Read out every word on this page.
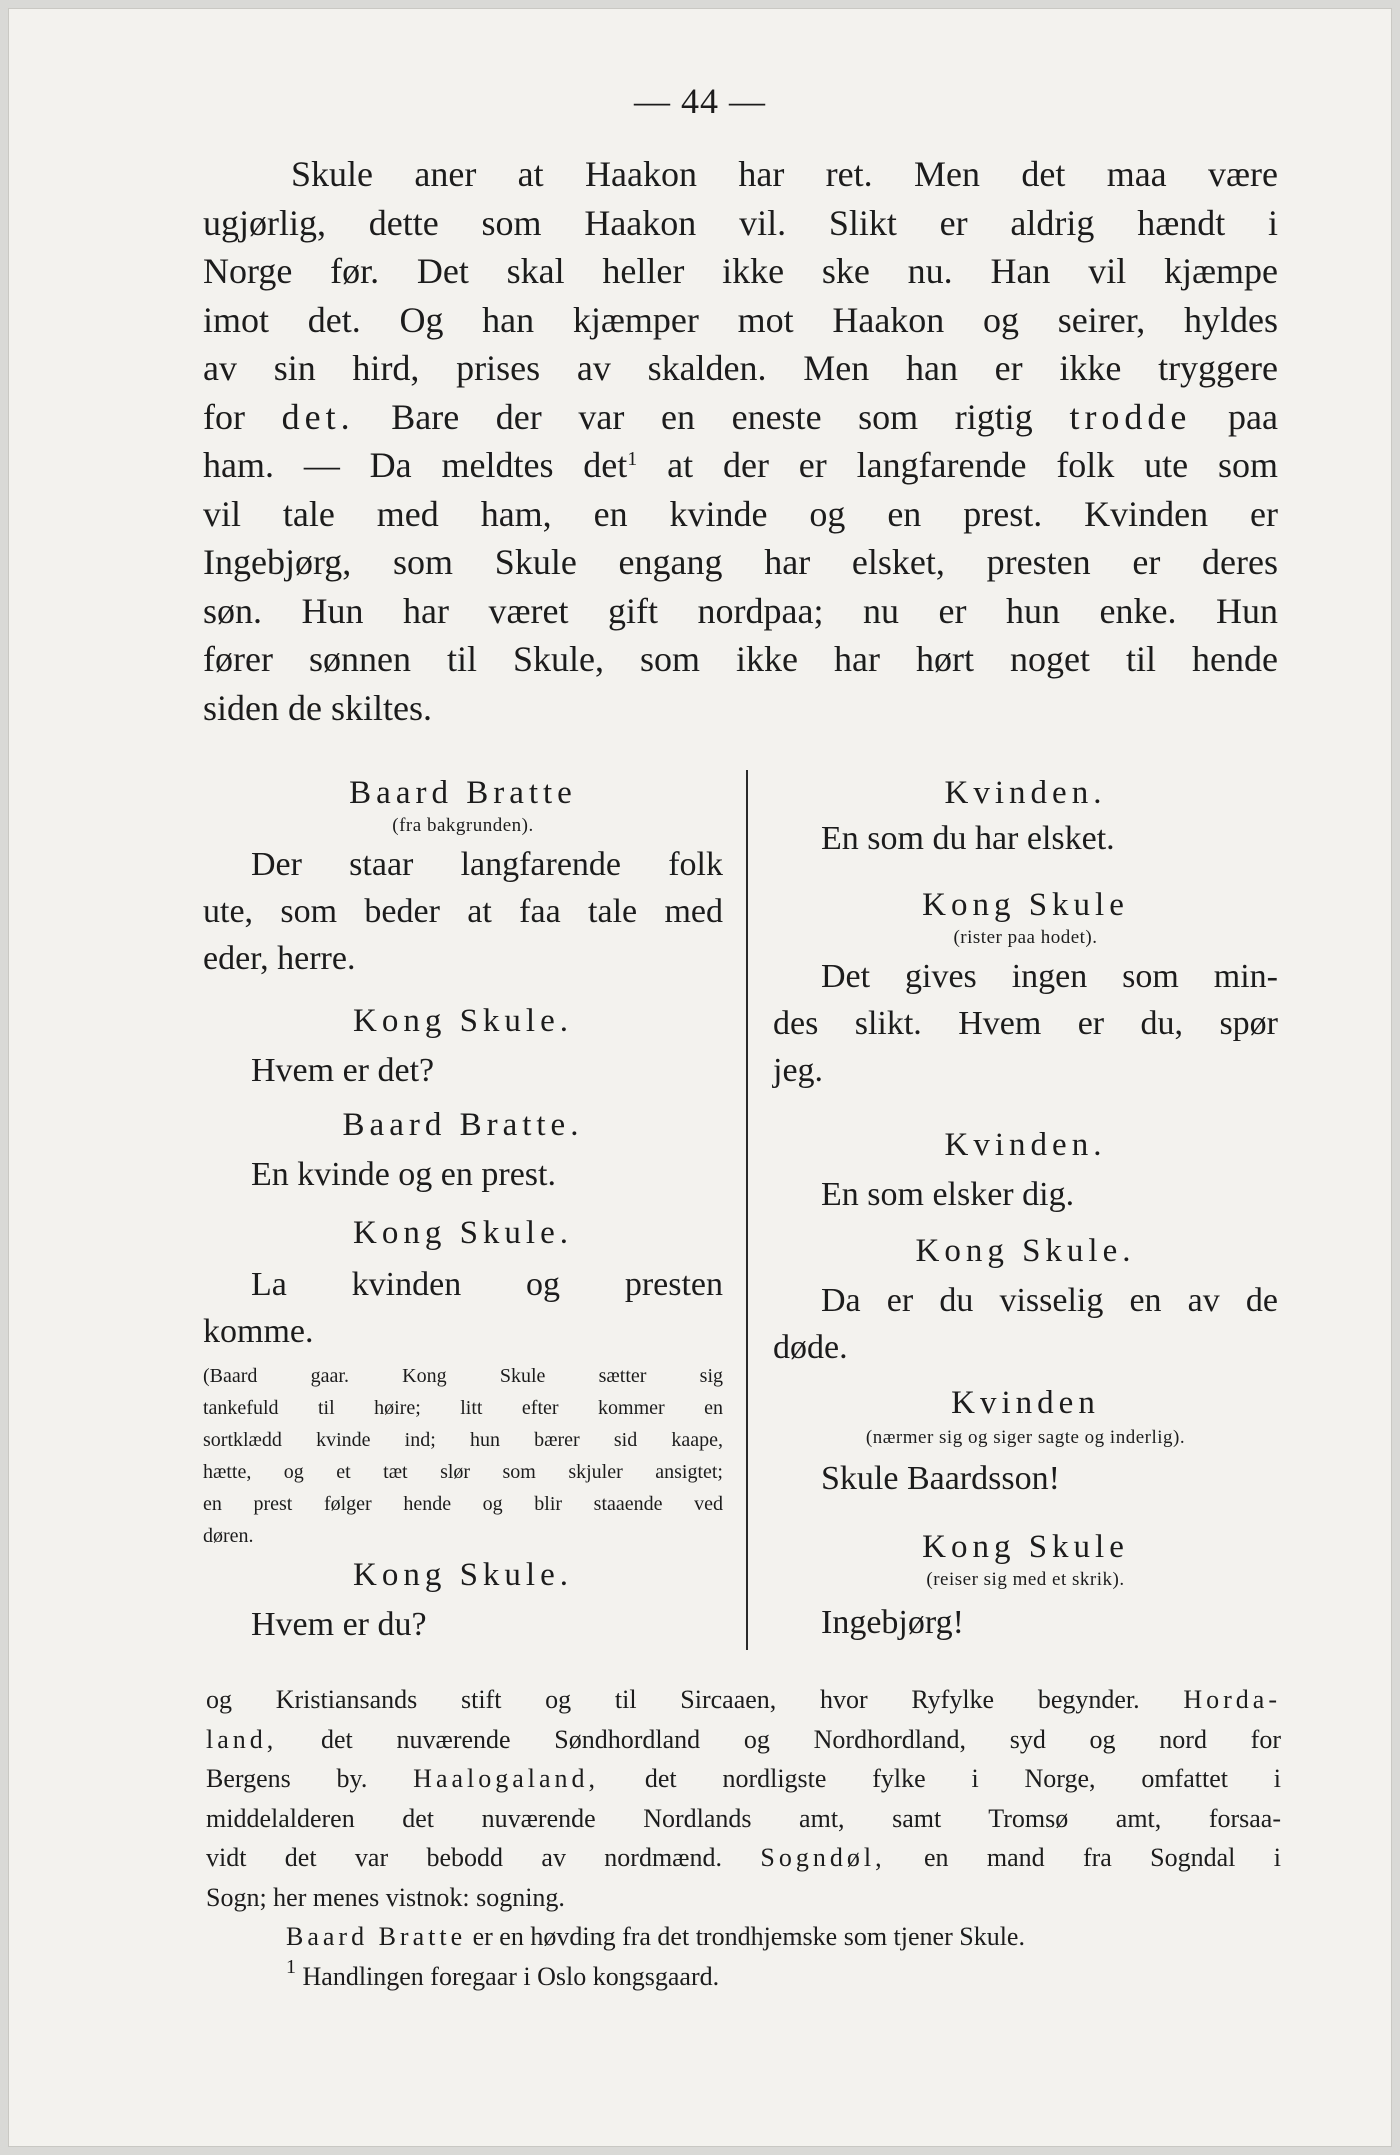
— 44 —
Skule aner at Haakon har ret. Men det maa være
ugjørlig, dette som Haakon vil. Slikt er aldrig hændt i
Norge før. Det skal heller ikke ske nu. Han vil kjæmpe
imot det. Og han kjæmper mot Haakon og seirer, hyldes
av sin hird, prises av skalden. Men han er ikke tryggere
for det. Bare der var en eneste som rigtig trodde paa
ham. — Da meldtes $\det^1$ at der er langfarende folk ute som
vil tale med ham, en kvinde og en prest. Kvinden er
Ingebjørg, som Skule engang har elsket, presten er deres
søn. Hun har været gift nordpaa; nu er hun enke. Hun
fører sønnen til Skule, som ikke har hørt noget til hende
siden de skiltes.
Baard Bratte
(fra bakgrunden).
Der staar langfarende folk
ute, som beder at faa tale med
eder, herre.
Kong Skule.
Hvem er det?
Baard Bratte.
En kvinde og en prest.
Kong Skule.
La kvinden og presten
komme.
(Baard gaar. Kong Skule sætter sig
tankefuld til høire; litt efter kommer en
sortklædd kvinde ind; hun bærer sid kaape,
hætte, og et tæt slør som skjuler ansigtet;
en prest følger hende og blir staaende ved
døren.
Kong Skule.
Hvem er du?
Kvinden.
En som du har elsket.
Kong Skule
(rister paa hodet).
Det gives ingen som min-
des slikt. Hvem er du, spør
jeg.
Kvinden.
En som elsker dig.
Kong Skule.
Da er du visselig en av de
døde.
Kvinden
(nærmer sig og siger sagte og inderlig).
Skule Baardsson!
Kong Skule
(reiser sig med et skrik).
Ingebjørg!
og Kristiansands stift og til Sircaaen, hvor Ryfylke begynder. Horda-
land, det nuværende Søndhordland og Nordhordland, syd og nord for
Bergens by. Haalogaland, det nordligste fylke i Norge, omfattet i
middelalderen det nuværende Nordlands amt, samt Tromsø amt, forsaa-
vidt det var bebodd av nordmænd. Sogndøl, en mand fra Sogndal i
Sogn; her menes vistnok: sogning.
Baard Bratte er en høvding fra det trondhjemske som tjener Skule.
$^1$ Handlingen foregaar i Oslo kongsgaard.
